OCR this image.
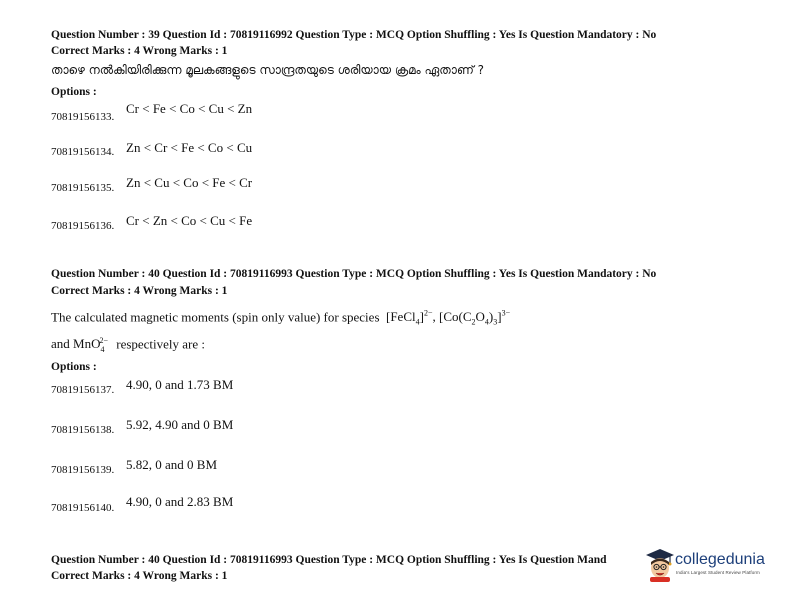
Question Number : 39 Question Id : 70819116992 Question Type : MCQ Option Shuffling : Yes Is Question Mandatory : No
Correct Marks : 4 Wrong Marks : 1
താഴെ നൽകിയിരിക്കുന്ന മൂലകങ്ങളുടെ സാന്ദ്രതയുടെ ശരിയായ ക്രമം ഏതാണ് ?
Options :
70819156133.
Cr < Fe < Co < Cu < Zn
70819156134. Zn < Cr < Fe < Co < Cu
70819156135. Zn < Cu < Co < Fe < Cr
70819156136. Cr < Zn < Co < Cu < Fe
Question Number : 40 Question Id : 70819116993 Question Type : MCQ Option Shuffling : Yes Is Question Mandatory : No
Correct Marks : 4 Wrong Marks : 1
The calculated magnetic moments (spin only value) for species  [FeCl$_4$]$^{2-}$, $[Co(C_2O_4)_3]^{3-}$
and MnO$_4^{2-}$ respectively are :
Options :
70819156137. 4.90, 0 and 1.73 BM
70819156138. 5.92, 4.90 and 0 BM
70819156139. 5.82, 0 and 0 BM
70819156140. 4.90, 0 and 2.83 BM
Question Number : 40 Question Id : 70819116993 Question Type : MCQ Option Shuffling : Yes Is Question Mand
Correct Marks : 4 Wrong Marks : 1
collegedunia
India's Largest Student Review Platform
